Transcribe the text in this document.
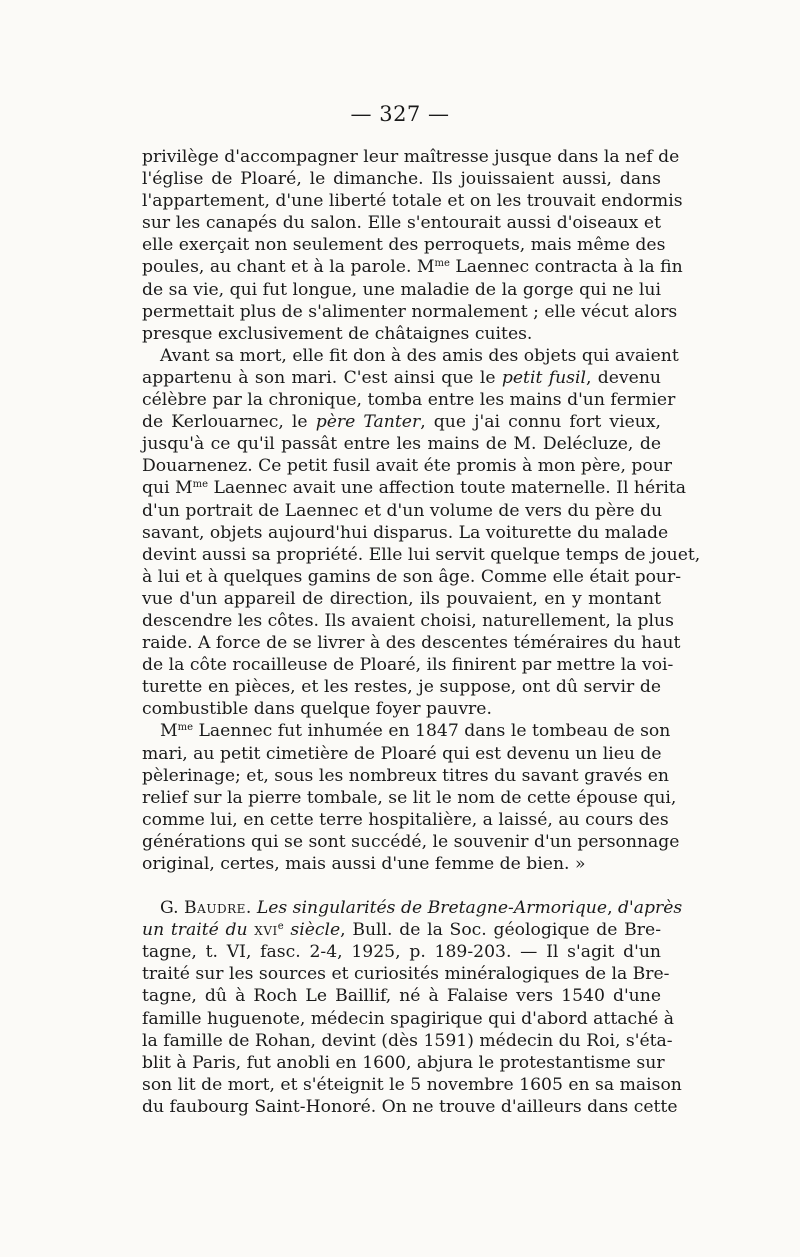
— 327 —
privilège d'accompagner leur maîtresse jusque dans la nef de
l'église de Ploaré, le dimanche. Ils jouissaient aussi, dans
l'appartement, d'une liberté totale et on les trouvait endormis
sur les canapés du salon. Elle s'entourait aussi d'oiseaux et
elle exerçait non seulement des perroquets, mais même des
poules, au chant et à la parole. $M^{me}$ Laennec contracta à la fin
de sa vie, qui fut longue, une maladie de la gorge qui ne lui
permettait plus de s'alimenter normalement ; elle vécut alors
presque exclusivement de châtaignes cuites.
Avant sa mort, elle fit don à des amis des objets qui avaient
appartenu à son mari. C'est ainsi que le petit fusil, devenu
célèbre par la chronique, tomba entre les mains d'un fermier
de Kerlouarnec, le père Tanter, que j'ai connu fort vieux,
jusqu'à ce qu'il passât entre les mains de M. Delécluze, de
Douarnenez. Ce petit fusil avait éte promis à mon père, pour
qui $M^{me}$ Laennec avait une affection toute maternelle. Il hérita
d'un portrait de Laennec et d'un volume de vers du père du
savant, objets aujourd'hui disparus. La voiturette du malade
devint aussi sa propriété. Elle lui servit quelque temps de jouet,
à lui et à quelques gamins de son âge. Comme elle était pour-
vue d'un appareil de direction, ils pouvaient, en y montant
descendre les côtes. Ils avaient choisi, naturellement, la plus
raide. A force de se livrer à des descentes téméraires du haut
de la côte rocailleuse de Ploaré, ils finirent par mettre la voi-
turette en pièces, et les restes, je suppose, ont dû servir de
combustible dans quelque foyer pauvre.
$M^{me}$ Laennec fut inhumée en 1847 dans le tombeau de son
mari, au petit cimetière de Ploaré qui est devenu un lieu de
pèlerinage; et, sous les nombreux titres du savant gravés en
relief sur la pierre tombale, se lit le nom de cette épouse qui,
comme lui, en cette terre hospitalière, a laissé, au cours des
générations qui se sont succédé, le souvenir d'un personnage
original, certes, mais aussi d'une femme de bien. »
G. Baudre. Les singularités de Bretagne-Armorique, d'après
un traité du xvi$^e$ siècle, Bull. de la Soc. géologique de Bre-
tagne, t. VI, fasc. 2-4, 1925, p. 189-203. — Il s'agit d'un
traité sur les sources et curiosités minéralogiques de la Bre-
tagne, dû à Roch Le Baillif, né à Falaise vers 1540 d'une
famille huguenote, médecin spagirique qui d'abord attaché à
la famille de Rohan, devint (dès 1591) médecin du Roi, s'éta-
blit à Paris, fut anobli en 1600, abjura le protestantisme sur
son lit de mort, et s'éteignit le 5 novembre 1605 en sa maison
du faubourg Saint-Honoré. On ne trouve d'ailleurs dans cette
